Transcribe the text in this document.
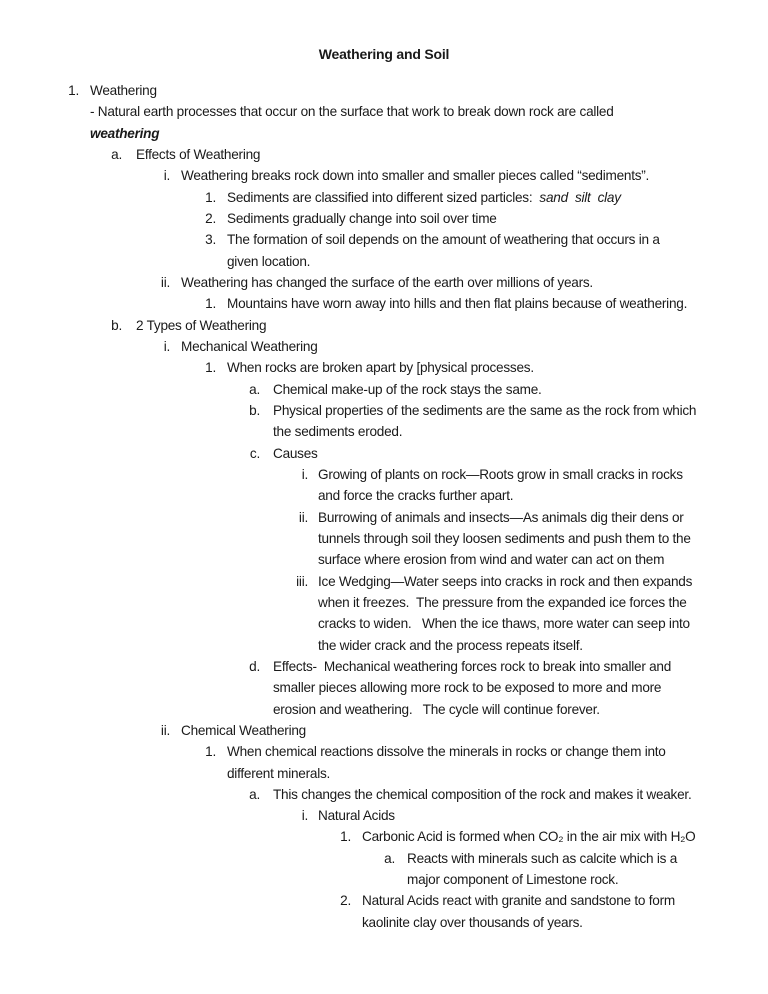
Weathering and Soil
1. Weathering
- Natural earth processes that occur on the surface that work to break down rock are called
weathering
a. Effects of Weathering
i. Weathering breaks rock down into smaller and smaller pieces called “sediments”.
1. Sediments are classified into different sized particles:  sand  silt  clay
2. Sediments gradually change into soil over time
3. The formation of soil depends on the amount of weathering that occurs in a
given location.
ii. Weathering has changed the surface of the earth over millions of years.
1. Mountains have worn away into hills and then flat plains because of weathering.
b. 2 Types of Weathering
i. Mechanical Weathering
1. When rocks are broken apart by [physical processes.
a. Chemical make-up of the rock stays the same.
b. Physical properties of the sediments are the same as the rock from which
the sediments eroded.
c. Causes
i. Growing of plants on rock—Roots grow in small cracks in rocks
and force the cracks further apart.
ii. Burrowing of animals and insects—As animals dig their dens or
tunnels through soil they loosen sediments and push them to the
surface where erosion from wind and water can act on them
iii. Ice Wedging—Water seeps into cracks in rock and then expands
when it freezes.  The pressure from the expanded ice forces the
cracks to widen.   When the ice thaws, more water can seep into
the wider crack and the process repeats itself.
d. Effects-  Mechanical weathering forces rock to break into smaller and
smaller pieces allowing more rock to be exposed to more and more
erosion and weathering.   The cycle will continue forever.
ii. Chemical Weathering
1. When chemical reactions dissolve the minerals in rocks or change them into
different minerals.
a. This changes the chemical composition of the rock and makes it weaker.
i. Natural Acids
1. Carbonic Acid is formed when CO₂ in the air mix with H₂O
a. Reacts with minerals such as calcite which is a
major component of Limestone rock.
2. Natural Acids react with granite and sandstone to form
kaolinite clay over thousands of years.
